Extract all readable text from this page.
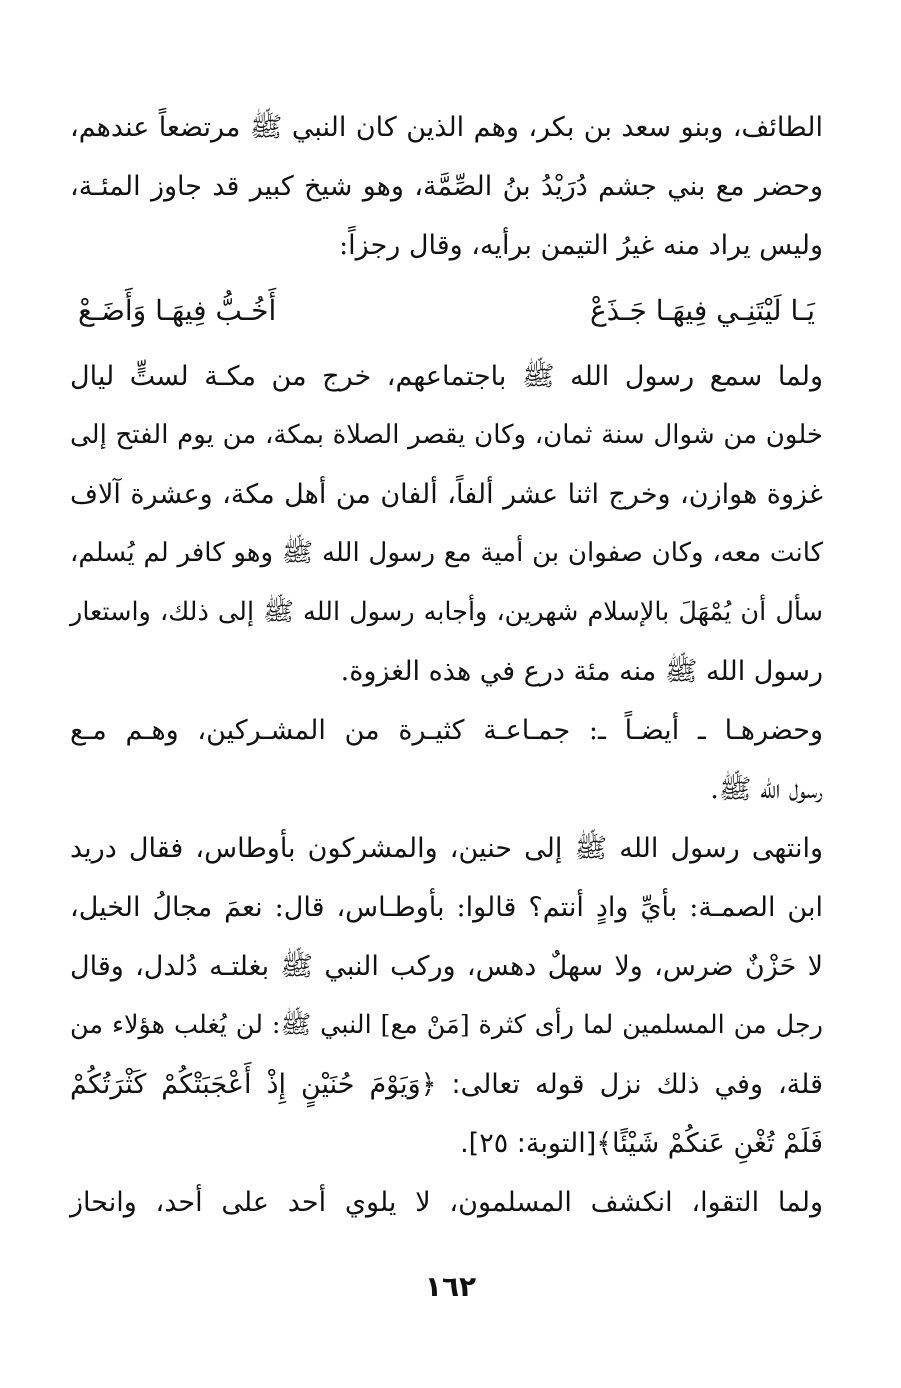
الطائف، وبنو سعد بن بكر، وهم الذين كان النبي ﷺ مرتضعاً عندهم،
وحضر مع بني جشم دُرَيْدُ بنُ الصِّمَّة، وهو شيخ كبير قد جاوز المئـة،
وليس يراد منه غيرُ التيمن برأيه، وقال رجزاً:
يَـا لَيْتَنِـي فِيهَـا جَـذَعْ
أَخُـبُّ فِيهَـا وَأَضَـعْ
ولما سمع رسول الله ﷺ باجتماعهم، خرج من مكـة لستٍّ ليال
خلون من شوال سنة ثمان، وكان يقصر الصلاة بمكة، من يوم الفتح إلى
غزوة هوازن، وخرج اثنا عشر ألفاً، ألفان من أهل مكة، وعشرة آلاف
كانت معه، وكان صفوان بن أمية مع رسول الله ﷺ وهو كافر لم يُسلم،
سأل أن يُمْهَلَ بالإسلام شهرين، وأجابه رسول الله ﷺ إلى ذلك، واستعار
رسول الله ﷺ منه مئة درع في هذه الغزوة.
وحضرهـا ـ أيضـاً ـ: جمـاعـة كثيـرة من المشـركين، وهـم مـع
رسول الله ﷺ.
وانتهى رسول الله ﷺ إلى حنين، والمشركون بأوطاس، فقال دريد
ابن الصمـة: بأيِّ وادٍ أنتم؟ قالوا: بأوطـاس، قال: نعمَ مجالُ الخيل،
لا حَزْنٌ ضرس، ولا سهلٌ دهس، وركب النبي ﷺ بغلتـه دُلدل، وقال
رجل من المسلمين لما رأى كثرة [مَنْ مع] النبي ﷺ: لن يُغلب هؤلاء من
قلة، وفي ذلك نزل قوله تعالى: ﴿وَيَوْمَ حُنَيْنٍ إِذْ أَعْجَبَتْكُمْ كَثْرَتُكُمْ
فَلَمْ تُغْنِ عَنكُمْ شَيْئًا﴾[التوبة: ٢٥].
ولما التقوا، انكشف المسلمون، لا يلوي أحد على أحد، وانحاز
١٦٢
